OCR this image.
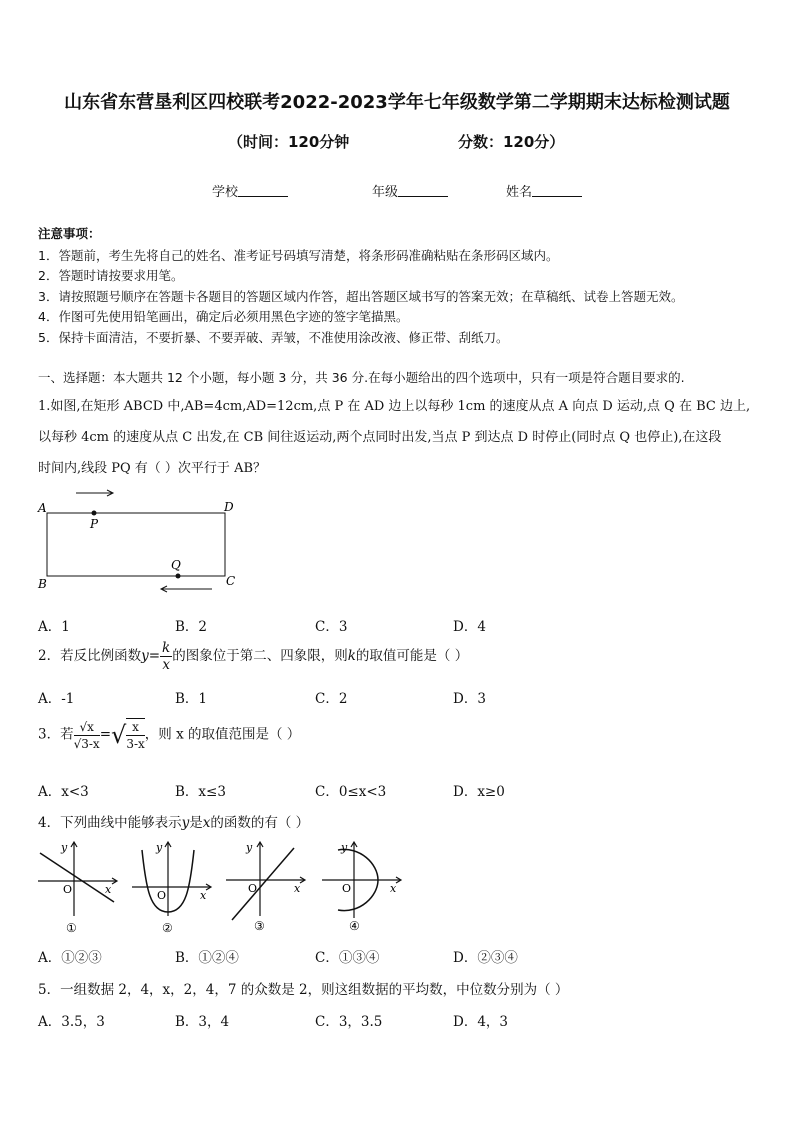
山东省东营垦利区四校联考2022-2023学年七年级数学第二学期期末达标检测试题
（时间：120分钟	分数：120分）
学校	年级	姓名
注意事项：
1．答题前，考生先将自己的姓名、准考证号码填写清楚，将条形码准确粘贴在条形码区域内。
2．答题时请按要求用笔。
3．请按照题号顺序在答题卡各题目的答题区域内作答，超出答题区域书写的答案无效；在草稿纸、试卷上答题无效。
4．作图可先使用铅笔画出，确定后必须用黑色字迹的签字笔描黑。
5．保持卡面清洁，不要折暴、不要弄破、弄皱，不准使用涂改液、修正带、刮纸刀。
一、选择题：本大题共 12 个小题，每小题 3 分，共 36 分.在每小题给出的四个选项中，只有一项是符合题目要求的.
1.如图,在矩形 ABCD 中,AB=4cm,AD=12cm,点 P 在 AD 边上以每秒 1cm 的速度从点 A 向点 D 运动,点 Q 在 BC 边上,
以每秒 4cm 的速度从点 C 出发,在 CB 间往返运动,两个点同时出发,当点 P 到达点 D 时停止(同时点 Q 也停止),在这段
时间内,线段 PQ 有（ ）次平行于 AB？
A	D
P
B	C
Q
A．1	B．2	C．3	D．4
2．若反比例函数$y= \frac{k}{x}$ 的图象位于第二、四象限，则k的取值可能是（ ）
A．-1	B．1	C．2	D．3
3．若 $\frac{√x}{√3-x}$ =√ $\frac{x}{3-x}$ ，则 x 的取值范围是（ ）
A．x<3	B．x≤3	C．0≤x<3	D．x≥0
4．下列曲线中能够表示y是x的函数的有（ ）
y
x
O
①
y
x
O
②
y
x
O
③
y
x
O
④
A．①②③	B．①②④	C．①③④	D．②③④
5．一组数据 2，4，x，2，4，7 的众数是 2，则这组数据的平均数，中位数分别为（ ）
A．3.5，3	B．3，4	C．3，3.5	D．4，3
